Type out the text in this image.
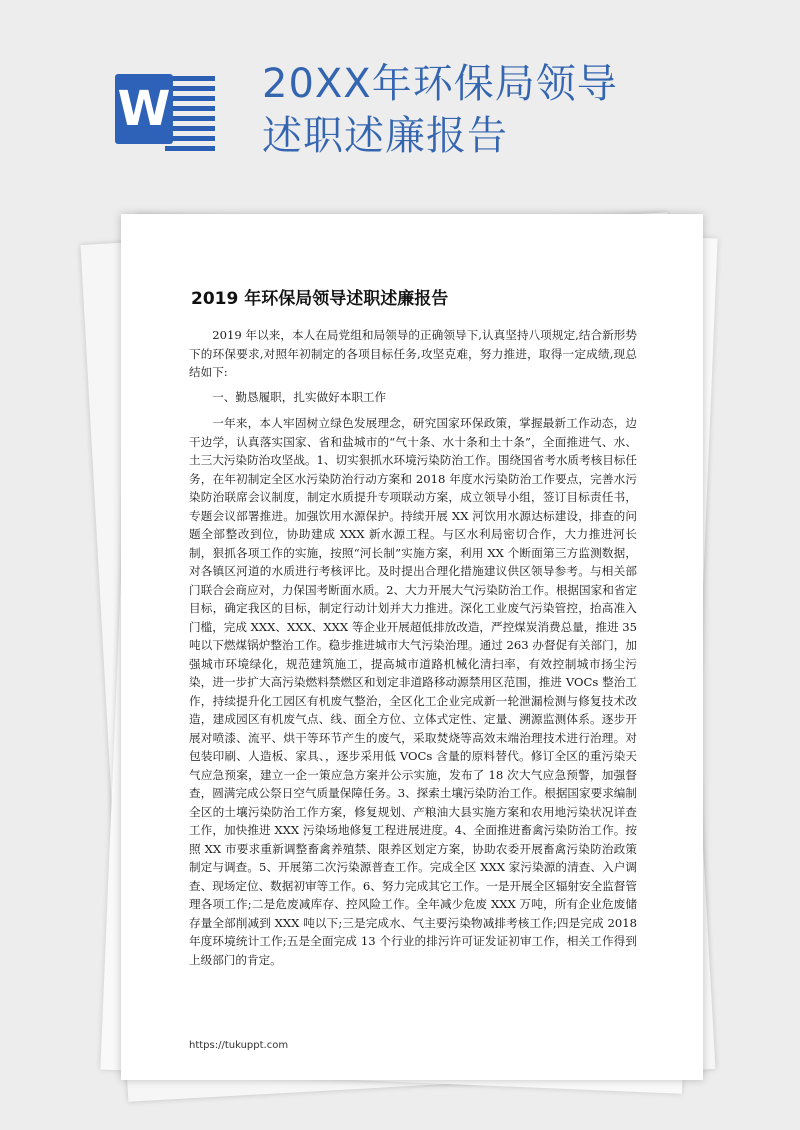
W 20XX年环保局领导
述职述廉报告
2019 年环保局领导述职述廉报告

2019 年以来，本人在局党组和局领导的正确领导下,认真坚持八项规定,结合新形势下的环保要求,对照年初制定的各项目标任务,攻坚克难，努力推进，取得一定成绩,现总结如下:

一、勤恳履职，扎实做好本职工作

一年来，本人牢固树立绿色发展理念，研究国家环保政策，掌握最新工作动态，边干边学，认真落实国家、省和盐城市的“气十条、水十条和土十条”，全面推进气、水、土三大污染防治攻坚战。1、切实狠抓水环境污染防治工作。围绕国省考水质考核目标任务，在年初制定全区水污染防治行动方案和 2018 年度水污染防治工作要点，完善水污染防治联席会议制度，制定水质提升专项联动方案，成立领导小组，签订目标责任书，专题会议部署推进。加强饮用水源保护。持续开展 XX 河饮用水源达标建设，排查的问题全部整改到位，协助建成 XXX 新水源工程。与区水利局密切合作，大力推进河长制，狠抓各项工作的实施，按照“河长制”实施方案，利用 XX 个断面第三方监测数据，对各镇区河道的水质进行考核评比。及时提出合理化措施建议供区领导参考。与相关部门联合会商应对，力保国考断面水质。2、大力开展大气污染防治工作。根据国家和省定目标，确定我区的目标，制定行动计划并大力推进。深化工业废气污染管控，抬高准入门槛，完成 XXX、XXX、XXX 等企业开展超低排放改造，严控煤炭消费总量，推进 35 吨以下燃煤锅炉整治工作。稳步推进城市大气污染治理。通过 263 办督促有关部门，加强城市环境绿化，规范建筑施工，提高城市道路机械化清扫率，有效控制城市扬尘污染，进一步扩大高污染燃料禁燃区和划定非道路移动源禁用区范围，推进 VOCs 整治工作，持续提升化工园区有机废气整治，全区化工企业完成新一轮泄漏检测与修复技术改造，建成园区有机废气点、线、面全方位、立体式定性、定量、溯源监测体系。逐步开展对喷漆、流平、烘干等环节产生的废气，采取焚烧等高效末端治理技术进行治理。对包装印刷、人造板、家具、，逐步采用低 VOCs 含量的原料替代。修订全区的重污染天气应急预案，建立一企一策应急方案并公示实施，发布了 18 次大气应急预警，加强督查，圆满完成公祭日空气质量保障任务。3、探索土壤污染防治工作。根据国家要求编制全区的土壤污染防治工作方案，修复规划、产粮油大县实施方案和农用地污染状况详查工作，加快推进 XXX 污染场地修复工程进展进度。4、全面推进畜禽污染防治工作。按照 XX 市要求重新调整畜禽养殖禁、限养区划定方案，协助农委开展畜禽污染防治政策制定与调查。5、开展第二次污染源普查工作。完成全区 XXX 家污染源的清查、入户调查、现场定位、数据初审等工作。6、努力完成其它工作。一是开展全区辐射安全监督管理各项工作;二是危废减库存、控风险工作。全年减少危废 XXX 万吨，所有企业危废储存量全部削减到 XXX 吨以下;三是完成水、气主要污染物减排考核工作;四是完成 2018 年度环境统计工作;五是全面完成 13 个行业的排污许可证发证初审工作，相关工作得到上级部门的肯定。

https://tukuppt.com
